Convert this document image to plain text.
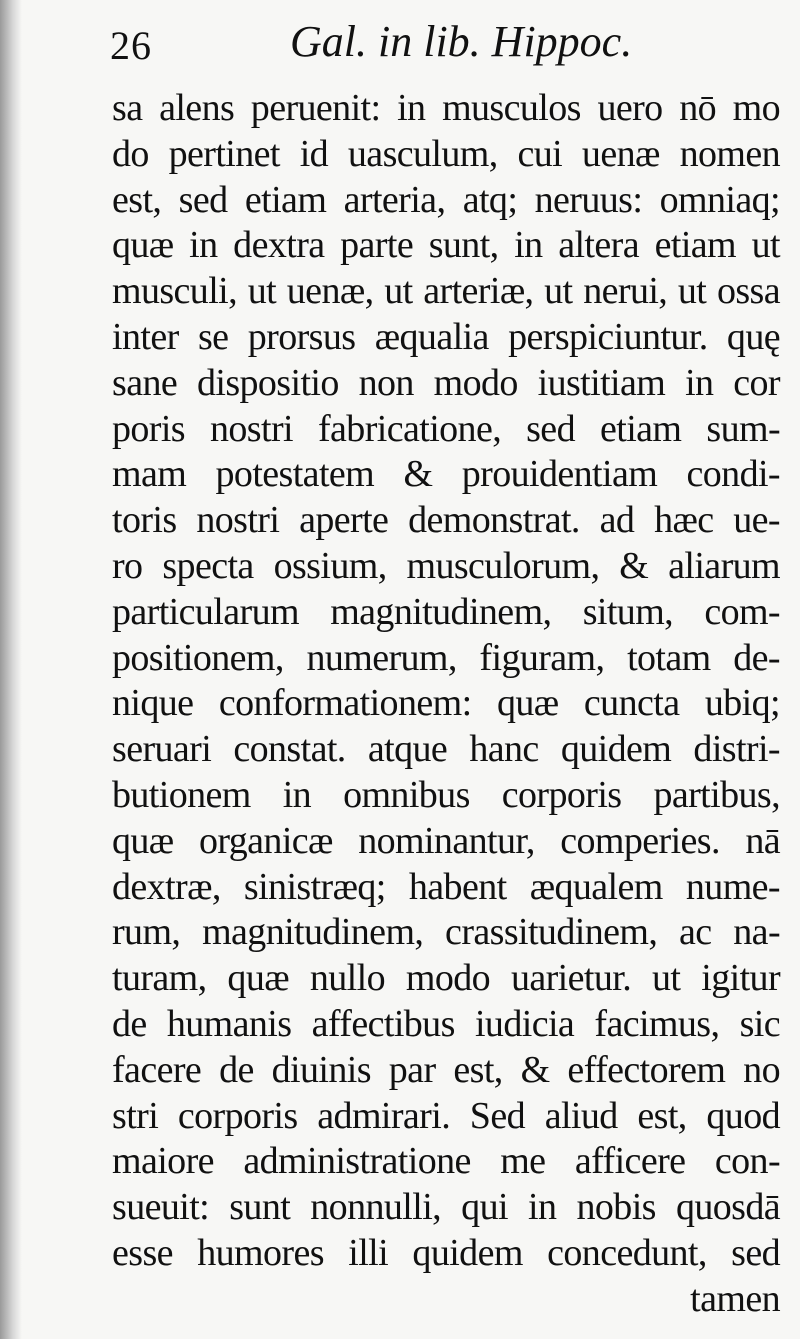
26	Gal. in lib. Hippoc.
sa alens peruenit: in musculos uero nō mo
do pertinet id uasculum, cui uenæ nomen
est, sed etiam arteria, atq; neruus: omniaq;
quæ in dextra parte sunt, in altera etiam ut
musculi, ut uenæ, ut arteriæ, ut nerui, ut ossa
inter se prorsus æqualia perspiciuntur. quę
sane dispositio non modo iustitiam in cor
poris nostri fabricatione, sed etiam sum-
mam potestatem & prouidentiam condi-
toris nostri aperte demonstrat. ad hæc ue-
ro specta ossium, musculorum, & aliarum
particularum magnitudinem, situm, com-
positionem, numerum, figuram, totam de-
nique conformationem: quæ cuncta ubiq;
seruari constat. atque hanc quidem distri-
butionem in omnibus corporis partibus,
quæ organicæ nominantur, comperies. nā
dextræ, sinistræq; habent æqualem nume-
rum, magnitudinem, crassitudinem, ac na-
turam, quæ nullo modo uarietur. ut igitur
de humanis affectibus iudicia facimus, sic
facere de diuinis par est, & effectorem no
stri corporis admirari. Sed aliud est, quod
maiore administratione me afficere con-
sueuit: sunt nonnulli, qui in nobis quosdā
esse humores illi quidem concedunt, sed
tamen
